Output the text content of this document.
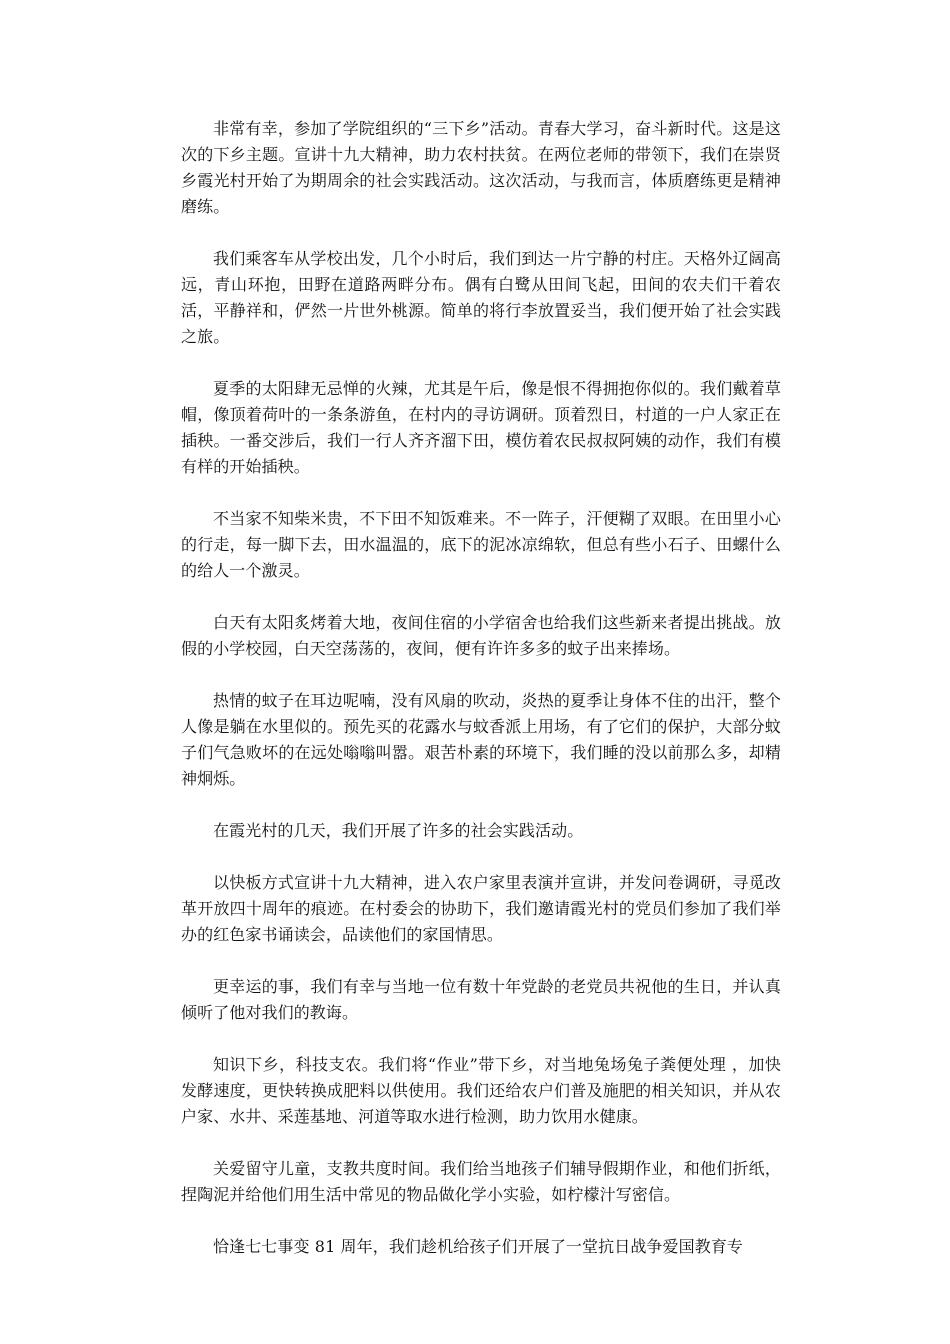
非常有幸，参加了学院组织的“三下乡”活动。青春大学习，奋斗新时代。这是这次的下乡主题。宣讲十九大精神，助力农村扶贫。在两位老师的带领下，我们在崇贤乡霞光村开始了为期周余的社会实践活动。这次活动，与我而言，体质磨练更是精神磨练。

我们乘客车从学校出发，几个小时后，我们到达一片宁静的村庄。天格外辽阔高远，青山环抱，田野在道路两畔分布。偶有白鹭从田间飞起，田间的农夫们干着农活，平静祥和，俨然一片世外桃源。简单的将行李放置妥当，我们便开始了社会实践之旅。

夏季的太阳肆无忌惮的火辣，尤其是午后，像是恨不得拥抱你似的。我们戴着草帽，像顶着荷叶的一条条游鱼，在村内的寻访调研。顶着烈日，村道的一户人家正在插秧。一番交涉后，我们一行人齐齐溜下田，模仿着农民叔叔阿姨的动作，我们有模有样的开始插秧。

不当家不知柴米贵，不下田不知饭难来。不一阵子，汗便糊了双眼。在田里小心的行走，每一脚下去，田水温温的，底下的泥冰凉绵软，但总有些小石子、田螺什么的给人一个激灵。

白天有太阳炙烤着大地，夜间住宿的小学宿舍也给我们这些新来者提出挑战。放假的小学校园，白天空荡荡的，夜间，便有许许多多的蚊子出来捧场。

热情的蚊子在耳边呢喃，没有风扇的吹动，炎热的夏季让身体不住的出汗，整个人像是躺在水里似的。预先买的花露水与蚊香派上用场，有了它们的保护，大部分蚊子们气急败坏的在远处嗡嗡叫嚣。艰苦朴素的环境下，我们睡的没以前那么多，却精神炯烁。

在霞光村的几天，我们开展了许多的社会实践活动。

以快板方式宣讲十九大精神，进入农户家里表演并宣讲，并发问卷调研，寻觅改革开放四十周年的痕迹。在村委会的协助下，我们邀请霞光村的党员们参加了我们举办的红色家书诵读会，品读他们的家国情思。

更幸运的事，我们有幸与当地一位有数十年党龄的老党员共祝他的生日，并认真倾听了他对我们的教诲。

知识下乡，科技支农。我们将“作业”带下乡，对当地兔场兔子粪便处理 ，加快发酵速度，更快转换成肥料以供使用。我们还给农户们普及施肥的相关知识，并从农户家、水井、采莲基地、河道等取水进行检测，助力饮用水健康。

关爱留守儿童，支教共度时间。我们给当地孩子们辅导假期作业，和他们折纸，捏陶泥并给他们用生活中常见的物品做化学小实验，如柠檬汁写密信。

恰逢七七事变 81 周年，我们趁机给孩子们开展了一堂抗日战争爱国教育专
